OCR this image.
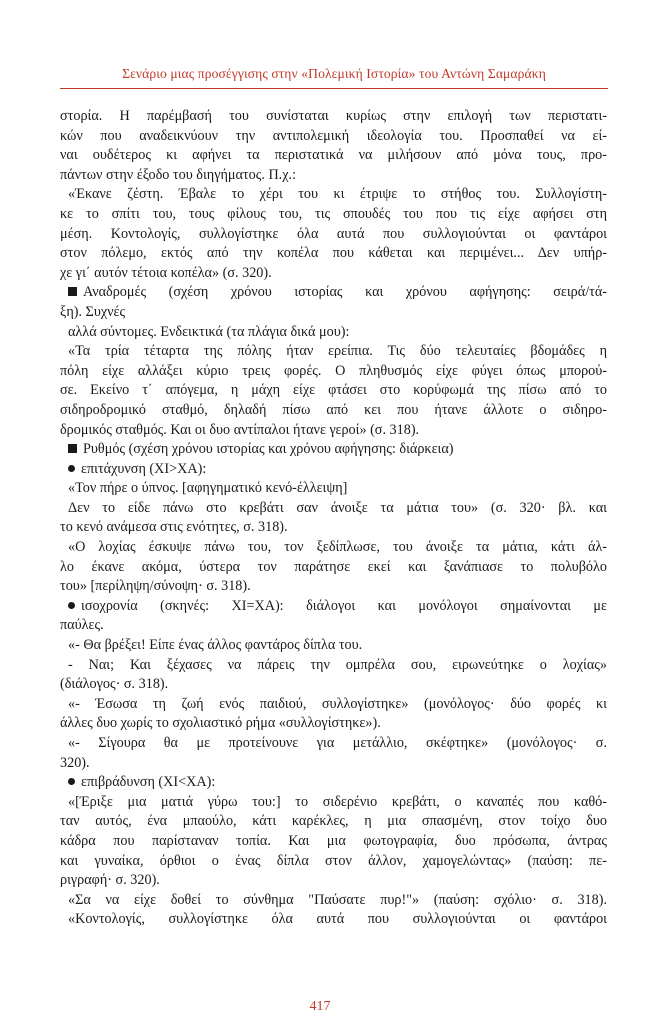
Σενάριο μιας προσέγγισης στην «Πολεμική Ιστορία» του Αντώνη Σαμαράκη
στορία. Η παρέμβασή του συνίσταται κυρίως στην επιλογή των περιστατι-
κών που αναδεικνύουν την αντιπολεμική ιδεολογία του. Προσπαθεί να εί-
ναι ουδέτερος κι αφήνει τα περιστατικά να μιλήσουν από μόνα τους, προ-
πάντων στην έξοδο του διηγήματος. Π.χ.:
«Έκανε ζέστη. Έβαλε το χέρι του κι έτριψε το στήθος του. Συλλογίστη-
κε το σπίτι του, τους φίλους του, τις σπουδές του που τις είχε αφήσει στη
μέση. Κοντολογίς, συλλογίστηκε όλα αυτά που συλλογιούνται οι φαντάροι
στον πόλεμο, εκτός από την κοπέλα που κάθεται και περιμένει... Δεν υπήρ-
χε γι΄ αυτόν τέτοια κοπέλα» (σ. 320).
Αναδρομές (σχέση χρόνου ιστορίας και χρόνου αφήγησης: σειρά/τά-
ξη). Συχνές
αλλά σύντομες. Ενδεικτικά (τα πλάγια δικά μου):
«Τα τρία τέταρτα της πόλης ήταν ερείπια. Τις δύο τελευταίες βδομάδες η
πόλη είχε αλλάξει κύριο τρεις φορές. Ο πληθυσμός είχε φύγει όπως μπορού-
σε. Εκείνο τ΄ απόγεμα, η μάχη είχε φτάσει στο κορύφωμά της πίσω από το
σιδηροδρομικό σταθμό, δηλαδή πίσω από κει που ήτανε άλλοτε ο σιδηρο-
δρομικός σταθμός. Και οι δυο αντίπαλοι ήτανε γεροί» (σ. 318).
Ρυθμός (σχέση χρόνου ιστορίας και χρόνου αφήγησης: διάρκεια)
επιτάχυνση (ΧΙ>ΧΑ):
«Τον πήρε ο ύπνος. [αφηγηματικό κενό-έλλειψη]
Δεν το είδε πάνω στο κρεβάτι σαν άνοιξε τα μάτια του» (σ. 320· βλ. και
το κενό ανάμεσα στις ενότητες, σ. 318).
«Ο λοχίας έσκυψε πάνω του, τον ξεδίπλωσε, του άνοιξε τα μάτια, κάτι άλ-
λο έκανε ακόμα, ύστερα τον παράτησε εκεί και ξανάπιασε το πολυβόλο
του» [περίληψη/σύνοψη· σ. 318).
ισοχρονία (σκηνές: ΧΙ=ΧΑ): διάλογοι και μονόλογοι σημαίνονται με
παύλες.
«- Θα βρέξει! Είπε ένας άλλος φαντάρος δίπλα του.
- Ναι; Και ξέχασες να πάρεις την ομπρέλα σου, ειρωνεύτηκε ο λοχίας»
(διάλογος· σ. 318).
«- Έσωσα τη ζωή ενός παιδιού, συλλογίστηκε» (μονόλογος· δύο φορές κι
άλλες δυο χωρίς το σχολιαστικό ρήμα «συλλογίστηκε»).
«- Σίγουρα θα με προτείνουνε για μετάλλιο, σκέφτηκε» (μονόλογος· σ.
320).
επιβράδυνση (ΧΙ<ΧΑ):
«[Έριξε μια ματιά γύρω του:] το σιδερένιο κρεβάτι, ο καναπές που καθό-
ταν αυτός, ένα μπαούλο, κάτι καρέκλες, η μια σπασμένη, στον τοίχο δυο
κάδρα που παρίσταναν τοπία. Και μια φωτογραφία, δυο πρόσωπα, άντρας
και γυναίκα, όρθιοι ο ένας δίπλα στον άλλον, χαμογελώντας» (παύση: πε-
ριγραφή· σ. 320).
«Σα να είχε δοθεί το σύνθημα "Παύσατε πυρ!"» (παύση: σχόλιο· σ. 318).
«Κοντολογίς, συλλογίστηκε όλα αυτά που συλλογιούνται οι φαντάροι
417
